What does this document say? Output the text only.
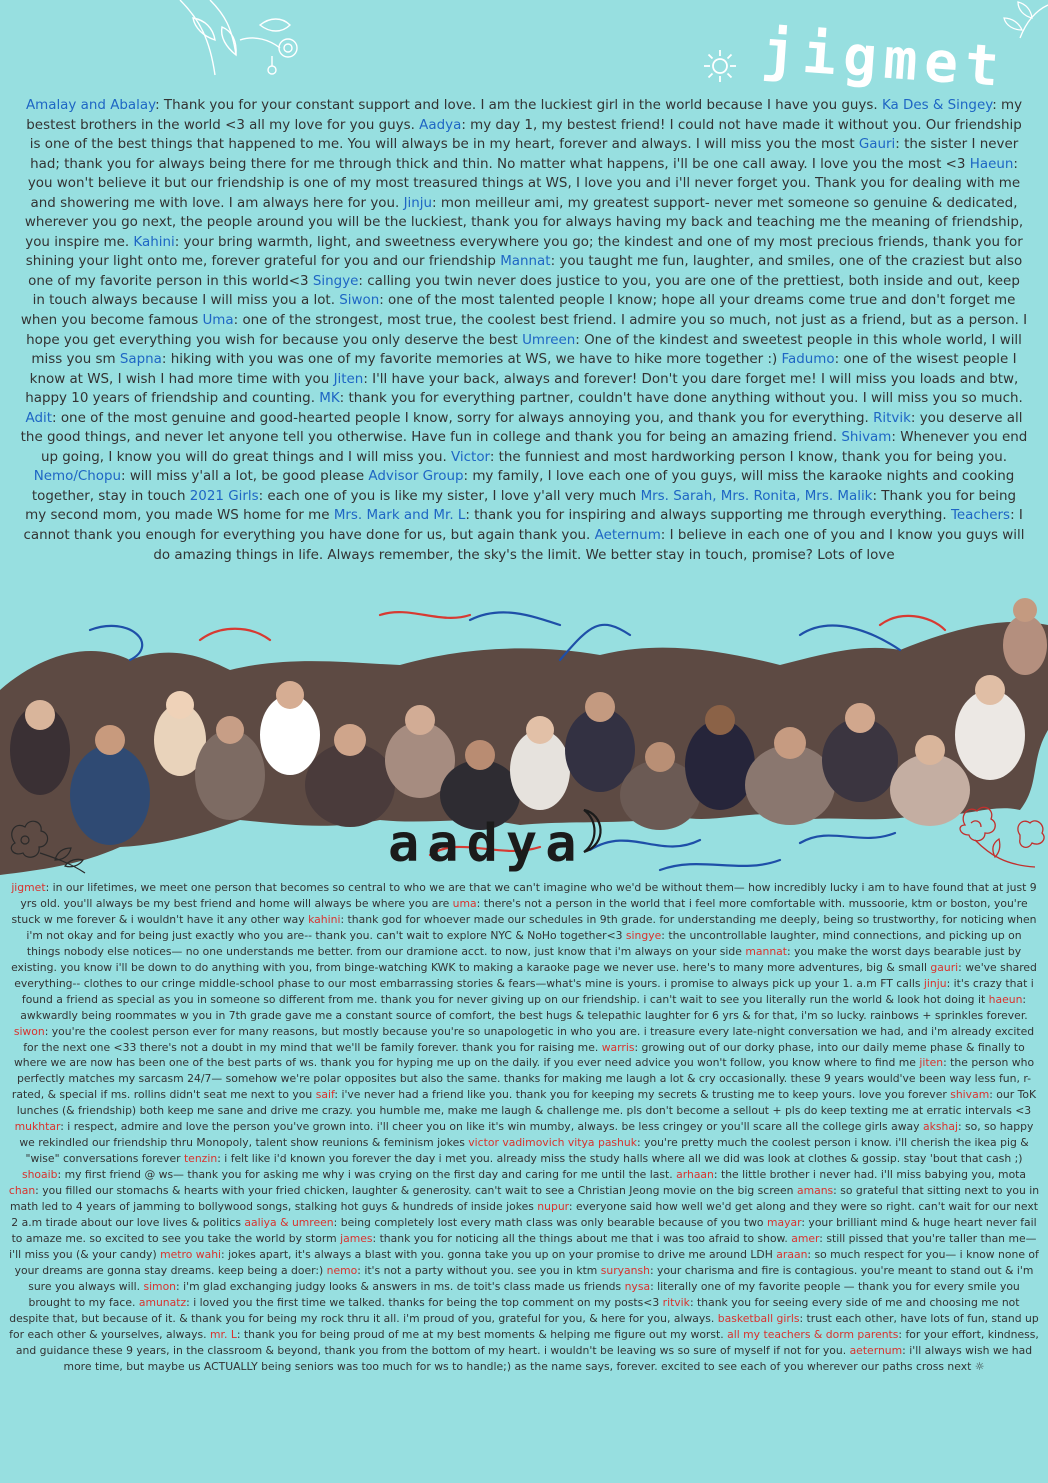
jigmet
Amalay and Abalay: Thank you for your constant support and love. I am the luckiest girl in the world because I have you guys. Ka Des & Singey: my bestest brothers in the world <3 all my love for you guys. Aadya: my day 1, my bestest friend! I could not have made it without you. Our friendship is one of the best things that happened to me. You will always be in my heart, forever and always. I will miss you the most Gauri: the sister I never had; thank you for always being there for me through thick and thin. No matter what happens, i'll be one call away. I love you the most <3 Haeun: you won't believe it but our friendship is one of my most treasured things at WS, I love you and i'll never forget you. Thank you for dealing with me and showering me with love. I am always here for you. Jinju: mon meilleur ami, my greatest support- never met someone so genuine & dedicated, wherever you go next, the people around you will be the luckiest, thank you for always having my back and teaching me the meaning of friendship, you inspire me. Kahini: your bring warmth, light, and sweetness everywhere you go; the kindest and one of my most precious friends, thank you for shining your light onto me, forever grateful for you and our friendship Mannat: you taught me fun, laughter, and smiles, one of the craziest but also one of my favorite person in this world<3 Singye: calling you twin never does justice to you, you are one of the prettiest, both inside and out, keep in touch always because I will miss you a lot. Siwon: one of the most talented people I know; hope all your dreams come true and don't forget me when you become famous Uma: one of the strongest, most true, the coolest best friend. I admire you so much, not just as a friend, but as a person. I hope you get everything you wish for because you only deserve the best Umreen: One of the kindest and sweetest people in this whole world, I will miss you sm Sapna: hiking with you was one of my favorite memories at WS, we have to hike more together :) Fadumo: one of the wisest people I know at WS, I wish I had more time with you Jiten: I'll have your back, always and forever! Don't you dare forget me! I will miss you loads and btw, happy 10 years of friendship and counting. MK: thank you for everything partner, couldn't have done anything without you. I will miss you so much. Adit: one of the most genuine and good-hearted people I know, sorry for always annoying you, and thank you for everything. Ritvik: you deserve all the good things, and never let anyone tell you otherwise. Have fun in college and thank you for being an amazing friend. Shivam: Whenever you end up going, I know you will do great things and I will miss you. Victor: the funniest and most hardworking person I know, thank you for being you. Nemo/Chopu: will miss y'all a lot, be good please Advisor Group: my family, I love each one of you guys, will miss the karaoke nights and cooking together, stay in touch 2021 Girls: each one of you is like my sister, I love y'all very much Mrs. Sarah, Mrs. Ronita, Mrs. Malik: Thank you for being my second mom, you made WS home for me Mrs. Mark and Mr. L: thank you for inspiring and always supporting me through everything. Teachers: I cannot thank you enough for everything you have done for us, but again thank you. Aeternum: I believe in each one of you and I know you guys will do amazing things in life. Always remember, the sky's the limit. We better stay in touch, promise? Lots of love
aadya
jigmet: in our lifetimes, we meet one person that becomes so central to who we are that we can't imagine who we'd be without them— how incredibly lucky i am to have found that at just 9 yrs old. you'll always be my best friend and home will always be where you are uma: there's not a person in the world that i feel more comfortable with. mussoorie, ktm or boston, you're stuck w me forever & i wouldn't have it any other way kahini: thank god for whoever made our schedules in 9th grade. for understanding me deeply, being so trustworthy, for noticing when i'm not okay and for being just exactly who you are-- thank you. can't wait to explore NYC & NoHo together<3 singye: the uncontrollable laughter, mind connections, and picking up on things nobody else notices— no one understands me better. from our dramione acct. to now, just know that i'm always on your side mannat: you make the worst days bearable just by existing. you know i'll be down to do anything with you, from binge-watching KWK to making a karaoke page we never use. here's to many more adventures, big & small gauri: we've shared everything-- clothes to our cringe middle-school phase to our most embarrassing stories & fears—what's mine is yours. i promise to always pick up your 1. a.m FT calls jinju: it's crazy that i found a friend as special as you in someone so different from me. thank you for never giving up on our friendship. i can't wait to see you literally run the world & look hot doing it haeun: awkwardly being roommates w you in 7th grade gave me a constant source of comfort, the best hugs & telepathic laughter for 6 yrs & for that, i'm so lucky. rainbows + sprinkles forever. siwon: you're the coolest person ever for many reasons, but mostly because you're so unapologetic in who you are. i treasure every late-night conversation we had, and i'm already excited for the next one <33 there's not a doubt in my mind that we'll be family forever. thank you for raising me. warris: growing out of our dorky phase, into our daily meme phase & finally to where we are now has been one of the best parts of ws. thank you for hyping me up on the daily. if you ever need advice you won't follow, you know where to find me jiten: the person who perfectly matches my sarcasm 24/7— somehow we're polar opposites but also the same. thanks for making me laugh a lot & cry occasionally. these 9 years would've been way less fun, r-rated, & special if ms. rollins didn't seat me next to you saif: i've never had a friend like you. thank you for keeping my secrets & trusting me to keep yours. love you forever shivam: our ToK lunches (& friendship) both keep me sane and drive me crazy. you humble me, make me laugh & challenge me. pls don't become a sellout + pls do keep texting me at erratic intervals <3 mukhtar: i respect, admire and love the person you've grown into. i'll cheer you on like it's win mumby, always. be less cringey or you'll scare all the college girls away akshaj: so, so happy we rekindled our friendship thru Monopoly, talent show reunions & feminism jokes victor vadimovich vitya pashuk: you're pretty much the coolest person i know. i'll cherish the ikea pig & "wise" conversations forever tenzin: i felt like i'd known you forever the day i met you. already miss the study halls where all we did was look at clothes & gossip. stay 'bout that cash ;) shoaib: my first friend @ ws— thank you for asking me why i was crying on the first day and caring for me until the last. arhaan: the little brother i never had. i'll miss babying you, mota chan: you filled our stomachs & hearts with your fried chicken, laughter & generosity. can't wait to see a Christian Jeong movie on the big screen amans: so grateful that sitting next to you in math led to 4 years of jamming to bollywood songs, stalking hot guys & hundreds of inside jokes nupur: everyone said how well we'd get along and they were so right. can't wait for our next 2 a.m tirade about our love lives & politics aaliya & umreen: being completely lost every math class was only bearable because of you two mayar: your brilliant mind & huge heart never fail to amaze me. so excited to see you take the world by storm james: thank you for noticing all the things about me that i was too afraid to show. amer: still pissed that you're taller than me— i'll miss you (& your candy) metro wahi: jokes apart, it's always a blast with you. gonna take you up on your promise to drive me around LDH araan: so much respect for you— i know none of your dreams are gonna stay dreams. keep being a doer:) nemo: it's not a party without you. see you in ktm suryansh: your charisma and fire is contagious. you're meant to stand out & i'm sure you always will. simon: i'm glad exchanging judgy looks & answers in ms. de toit's class made us friends nysa: literally one of my favorite people — thank you for every smile you brought to my face. amunatz: i loved you the first time we talked. thanks for being the top comment on my posts<3 ritvik: thank you for seeing every side of me and choosing me not despite that, but because of it. & thank you for being my rock thru it all. i'm proud of you, grateful for you, & here for you, always. basketball girls: trust each other, have lots of fun, stand up for each other & yourselves, always. mr. L: thank you for being proud of me at my best moments & helping me figure out my worst. all my teachers & dorm parents: for your effort, kindness, and guidance these 9 years, in the classroom & beyond, thank you from the bottom of my heart. i wouldn't be leaving ws so sure of myself if not for you. aeternum: i'll always wish we had more time, but maybe us ACTUALLY being seniors was too much for ws to handle;) as the name says, forever. excited to see each of you wherever our paths cross next ☼
